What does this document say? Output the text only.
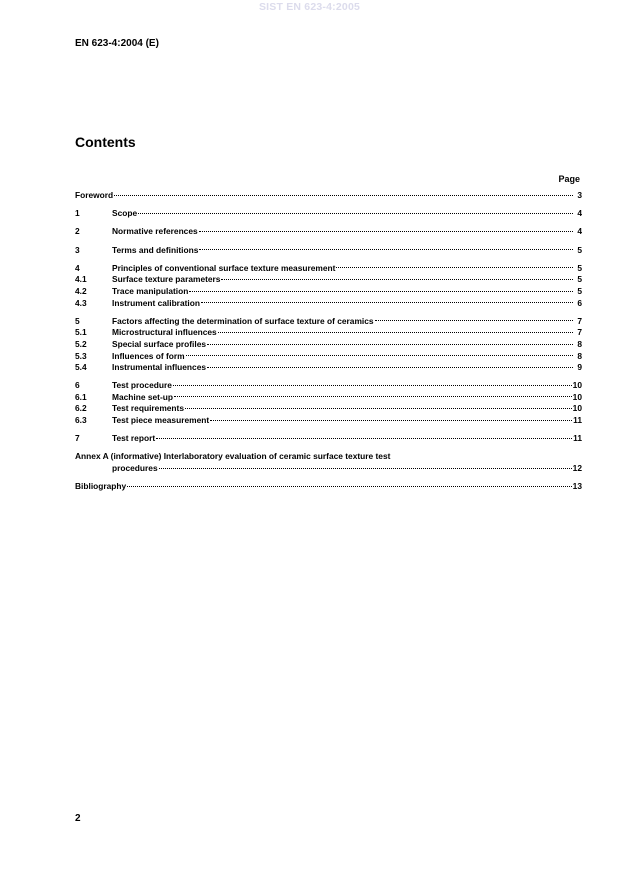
SIST EN 623-4:2005
EN 623-4:2004 (E)
Contents
Page
Foreword	3
1	Scope	4
2	Normative references	4
3	Terms and definitions	5
4	Principles of conventional surface texture measurement	5
4.1	Surface texture parameters	5
4.2	Trace manipulation	5
4.3	Instrument calibration	6
5	Factors affecting the determination of surface texture of ceramics	7
5.1	Microstructural influences	7
5.2	Special surface profiles	8
5.3	Influences of form	8
5.4	Instrumental influences	9
6	Test procedure	10
6.1	Machine set-up	10
6.2	Test requirements	10
6.3	Test piece measurement	11
7	Test report	11
Annex A (informative) Interlaboratory evaluation of ceramic surface texture test
procedures	12
Bibliography	13
2
